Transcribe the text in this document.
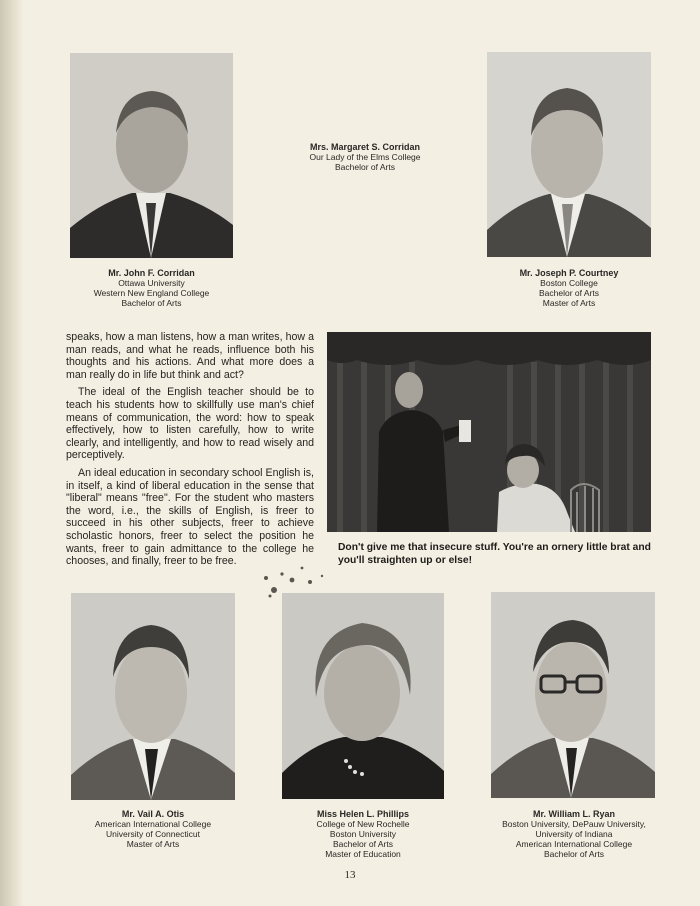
Mr. John F. Corridan
Ottawa University
Western New England College
Bachelor of Arts
Mrs. Margaret S. Corridan
Our Lady of the Elms College
Bachelor of Arts
Mr. Joseph P. Courtney
Boston College
Bachelor of Arts
Master of Arts

speaks, how a man listens, how a man writes, how a man reads, and what he reads, influence both his thoughts and his actions. And what more does a man really do in life but think and act?

The ideal of the English teacher should be to teach his students how to skillfully use man's chief means of communication, the word: how to speak effectively, how to listen carefully, how to write clearly, and intelligently, and how to read wisely and perceptively.

An ideal education in secondary school English is, in itself, a kind of liberal education in the sense that "liberal" means "free". For the student who masters the word, i.e., the skills of English, is freer to succeed in his other subjects, freer to achieve scholastic honors, freer to select the position he wants, freer to gain admittance to the college he chooses, and finally, freer to be free.

Don't give me that insecure stuff. You're an ornery little brat and you'll straighten up or else!
Mr. Vail A. Otis
American International College
University of Connecticut
Master of Arts
Miss Helen L. Phillips
College of New Rochelle
Boston University
Bachelor of Arts
Master of Education
Mr. William L. Ryan
Boston University, DePauw University,
University of Indiana
American International College
Bachelor of Arts
13
